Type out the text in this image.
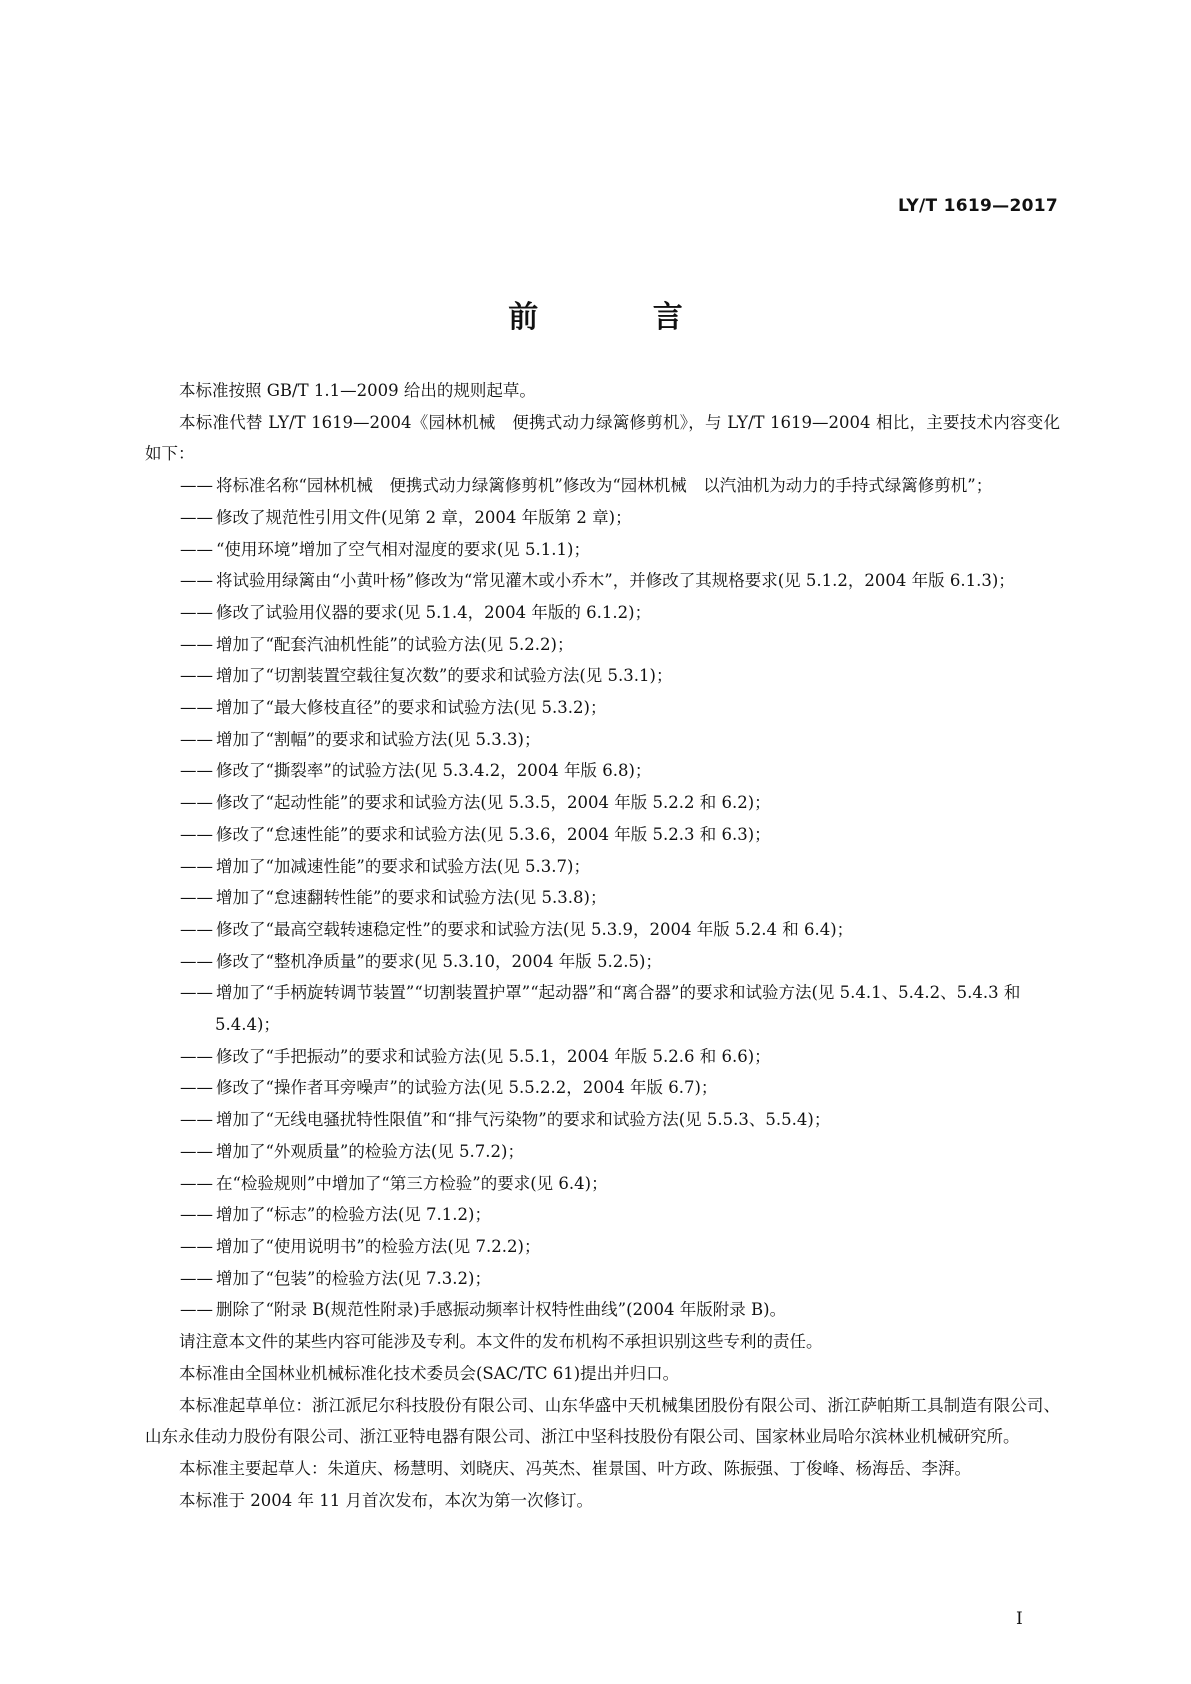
LY/T 1619—2017
前 言
本标准按照 GB/T 1.1—2009 给出的规则起草。
本标准代替 LY/T 1619—2004《园林机械　便携式动力绿篱修剪机》，与 LY/T 1619—2004 相比，主要技术内容变化如下：
—— 将标准名称“园林机械　便携式动力绿篱修剪机”修改为“园林机械　以汽油机为动力的手持式绿篱修剪机”；
—— 修改了规范性引用文件(见第 2 章，2004 年版第 2 章)；
—— “使用环境”增加了空气相对湿度的要求(见 5.1.1)；
—— 将试验用绿篱由“小黄叶杨”修改为“常见灌木或小乔木”，并修改了其规格要求(见 5.1.2，2004 年版 6.1.3)；
—— 修改了试验用仪器的要求(见 5.1.4，2004 年版的 6.1.2)；
—— 增加了“配套汽油机性能”的试验方法(见 5.2.2)；
—— 增加了“切割装置空载往复次数”的要求和试验方法(见 5.3.1)；
—— 增加了“最大修枝直径”的要求和试验方法(见 5.3.2)；
—— 增加了“割幅”的要求和试验方法(见 5.3.3)；
—— 修改了“撕裂率”的试验方法(见 5.3.4.2，2004 年版 6.8)；
—— 修改了“起动性能”的要求和试验方法(见 5.3.5，2004 年版 5.2.2 和 6.2)；
—— 修改了“怠速性能”的要求和试验方法(见 5.3.6，2004 年版 5.2.3 和 6.3)；
—— 增加了“加减速性能”的要求和试验方法(见 5.3.7)；
—— 增加了“怠速翻转性能”的要求和试验方法(见 5.3.8)；
—— 修改了“最高空载转速稳定性”的要求和试验方法(见 5.3.9，2004 年版 5.2.4 和 6.4)；
—— 修改了“整机净质量”的要求(见 5.3.10，2004 年版 5.2.5)；
—— 增加了“手柄旋转调节装置”“切割装置护罩”“起动器”和“离合器”的要求和试验方法(见 5.4.1、5.4.2、5.4.3 和 5.4.4)；
—— 修改了“手把振动”的要求和试验方法(见 5.5.1，2004 年版 5.2.6 和 6.6)；
—— 修改了“操作者耳旁噪声”的试验方法(见 5.5.2.2，2004 年版 6.7)；
—— 增加了“无线电骚扰特性限值”和“排气污染物”的要求和试验方法(见 5.5.3、5.5.4)；
—— 增加了“外观质量”的检验方法(见 5.7.2)；
—— 在“检验规则”中增加了“第三方检验”的要求(见 6.4)；
—— 增加了“标志”的检验方法(见 7.1.2)；
—— 增加了“使用说明书”的检验方法(见 7.2.2)；
—— 增加了“包装”的检验方法(见 7.3.2)；
—— 删除了“附录 B(规范性附录)手感振动频率计权特性曲线”(2004 年版附录 B)。
请注意本文件的某些内容可能涉及专利。本文件的发布机构不承担识别这些专利的责任。
本标准由全国林业机械标准化技术委员会(SAC/TC 61)提出并归口。
本标准起草单位：浙江派尼尔科技股份有限公司、山东华盛中天机械集团股份有限公司、浙江萨帕斯工具制造有限公司、山东永佳动力股份有限公司、浙江亚特电器有限公司、浙江中坚科技股份有限公司、国家林业局哈尔滨林业机械研究所。
本标准主要起草人：朱道庆、杨慧明、刘晓庆、冯英杰、崔景国、叶方政、陈振强、丁俊峰、杨海岳、李湃。
本标准于 2004 年 11 月首次发布，本次为第一次修订。
I
